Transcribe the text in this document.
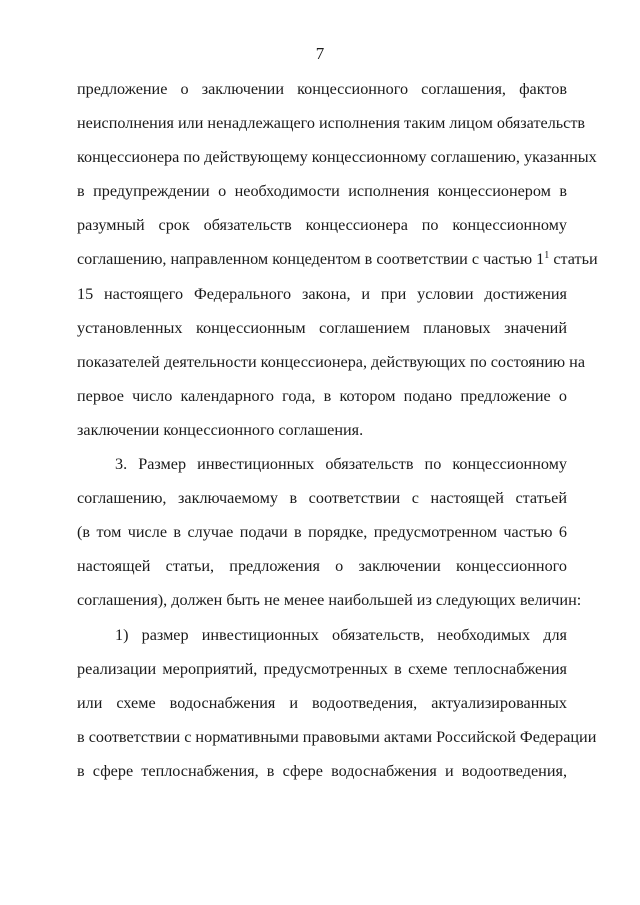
7
предложение о заключении концессионного соглашения, фактов
неисполнения или ненадлежащего исполнения таким лицом обязательств
концессионера по действующему концессионному соглашению, указанных
в предупреждении о необходимости исполнения концессионером в
разумный срок обязательств концессионера по концессионному
соглашению, направленном концедентом в соответствии с частью $1^1$ статьи
15 настоящего Федерального закона, и при условии достижения
установленных концессионным соглашением плановых значений
показателей деятельности концессионера, действующих по состоянию на
первое число календарного года, в котором подано предложение о
заключении концессионного соглашения.
3. Размер инвестиционных обязательств по концессионному
соглашению, заключаемому в соответствии с настоящей статьей
(в том числе в случае подачи в порядке, предусмотренном частью 6
настоящей статьи, предложения о заключении концессионного
соглашения), должен быть не менее наибольшей из следующих величин:
1) размер инвестиционных обязательств, необходимых для
реализации мероприятий, предусмотренных в схеме теплоснабжения
или схеме водоснабжения и водоотведения, актуализированных
в соответствии с нормативными правовыми актами Российской Федерации
в сфере теплоснабжения, в сфере водоснабжения и водоотведения,
